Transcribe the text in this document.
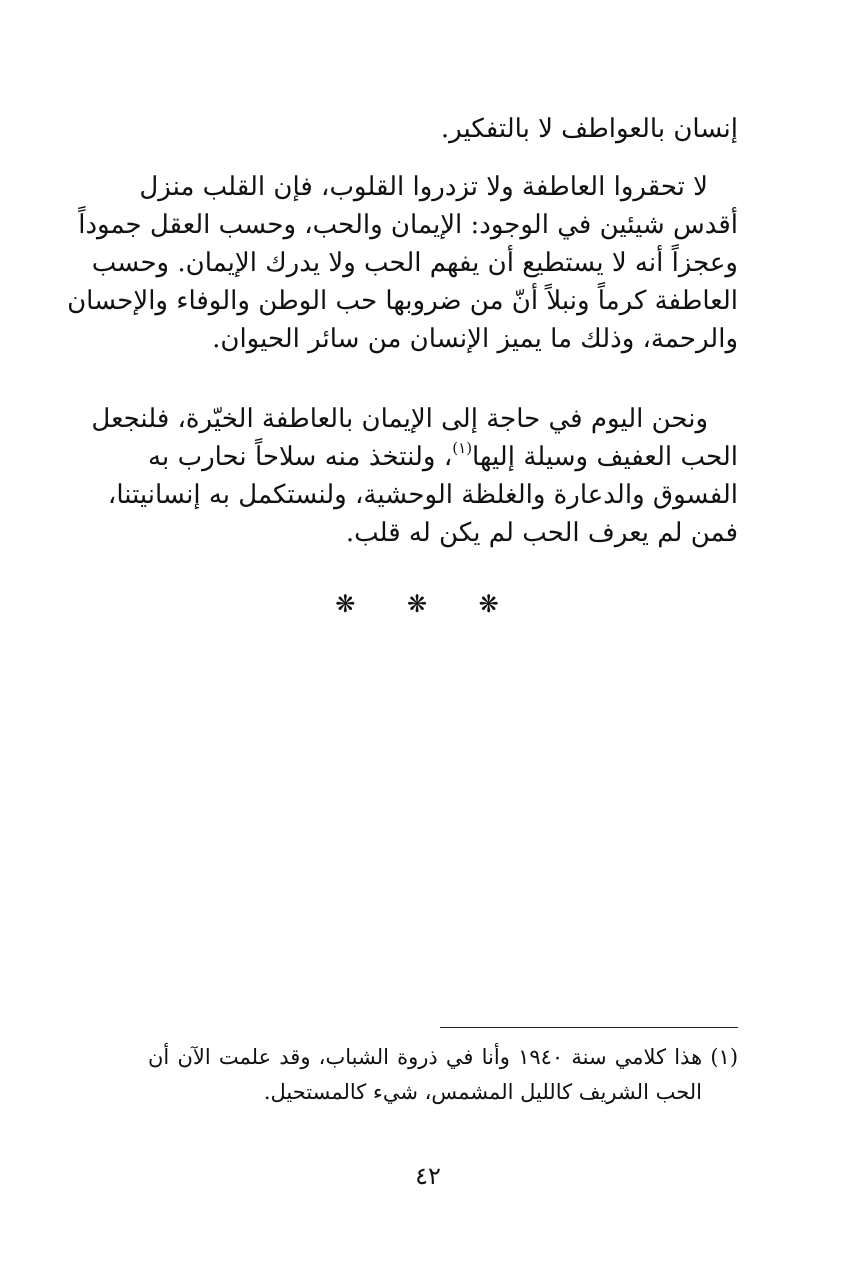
إنسان بالعواطف لا بالتفكير.
لا تحقروا العاطفة ولا تزدروا القلوب، فإن القلب منزل
أقدس شيئين في الوجود: الإيمان والحب، وحسب العقل جموداً
وعجزاً أنه لا يستطيع أن يفهم الحب ولا يدرك الإيمان. وحسب
العاطفة كرماً ونبلاً أنّ من ضروبها حب الوطن والوفاء والإحسان
والرحمة، وذلك ما يميز الإنسان من سائر الحيوان.
ونحن اليوم في حاجة إلى الإيمان بالعاطفة الخيّرة، فلنجعل
الحب العفيف وسيلة إليها$^{(١)}$، ولنتخذ منه سلاحاً نحارب به
الفسوق والدعارة والغلظة الوحشية، ولنستكمل به إنسانيتنا،
فمن لم يعرف الحب لم يكن له قلب.
❋ ❋ ❋
(١) هذا كلامي سنة ١٩٤٠ وأنا في ذروة الشباب، وقد علمت الآن أن
الحب الشريف كالليل المشمس، شيء كالمستحيل.
٤٢
